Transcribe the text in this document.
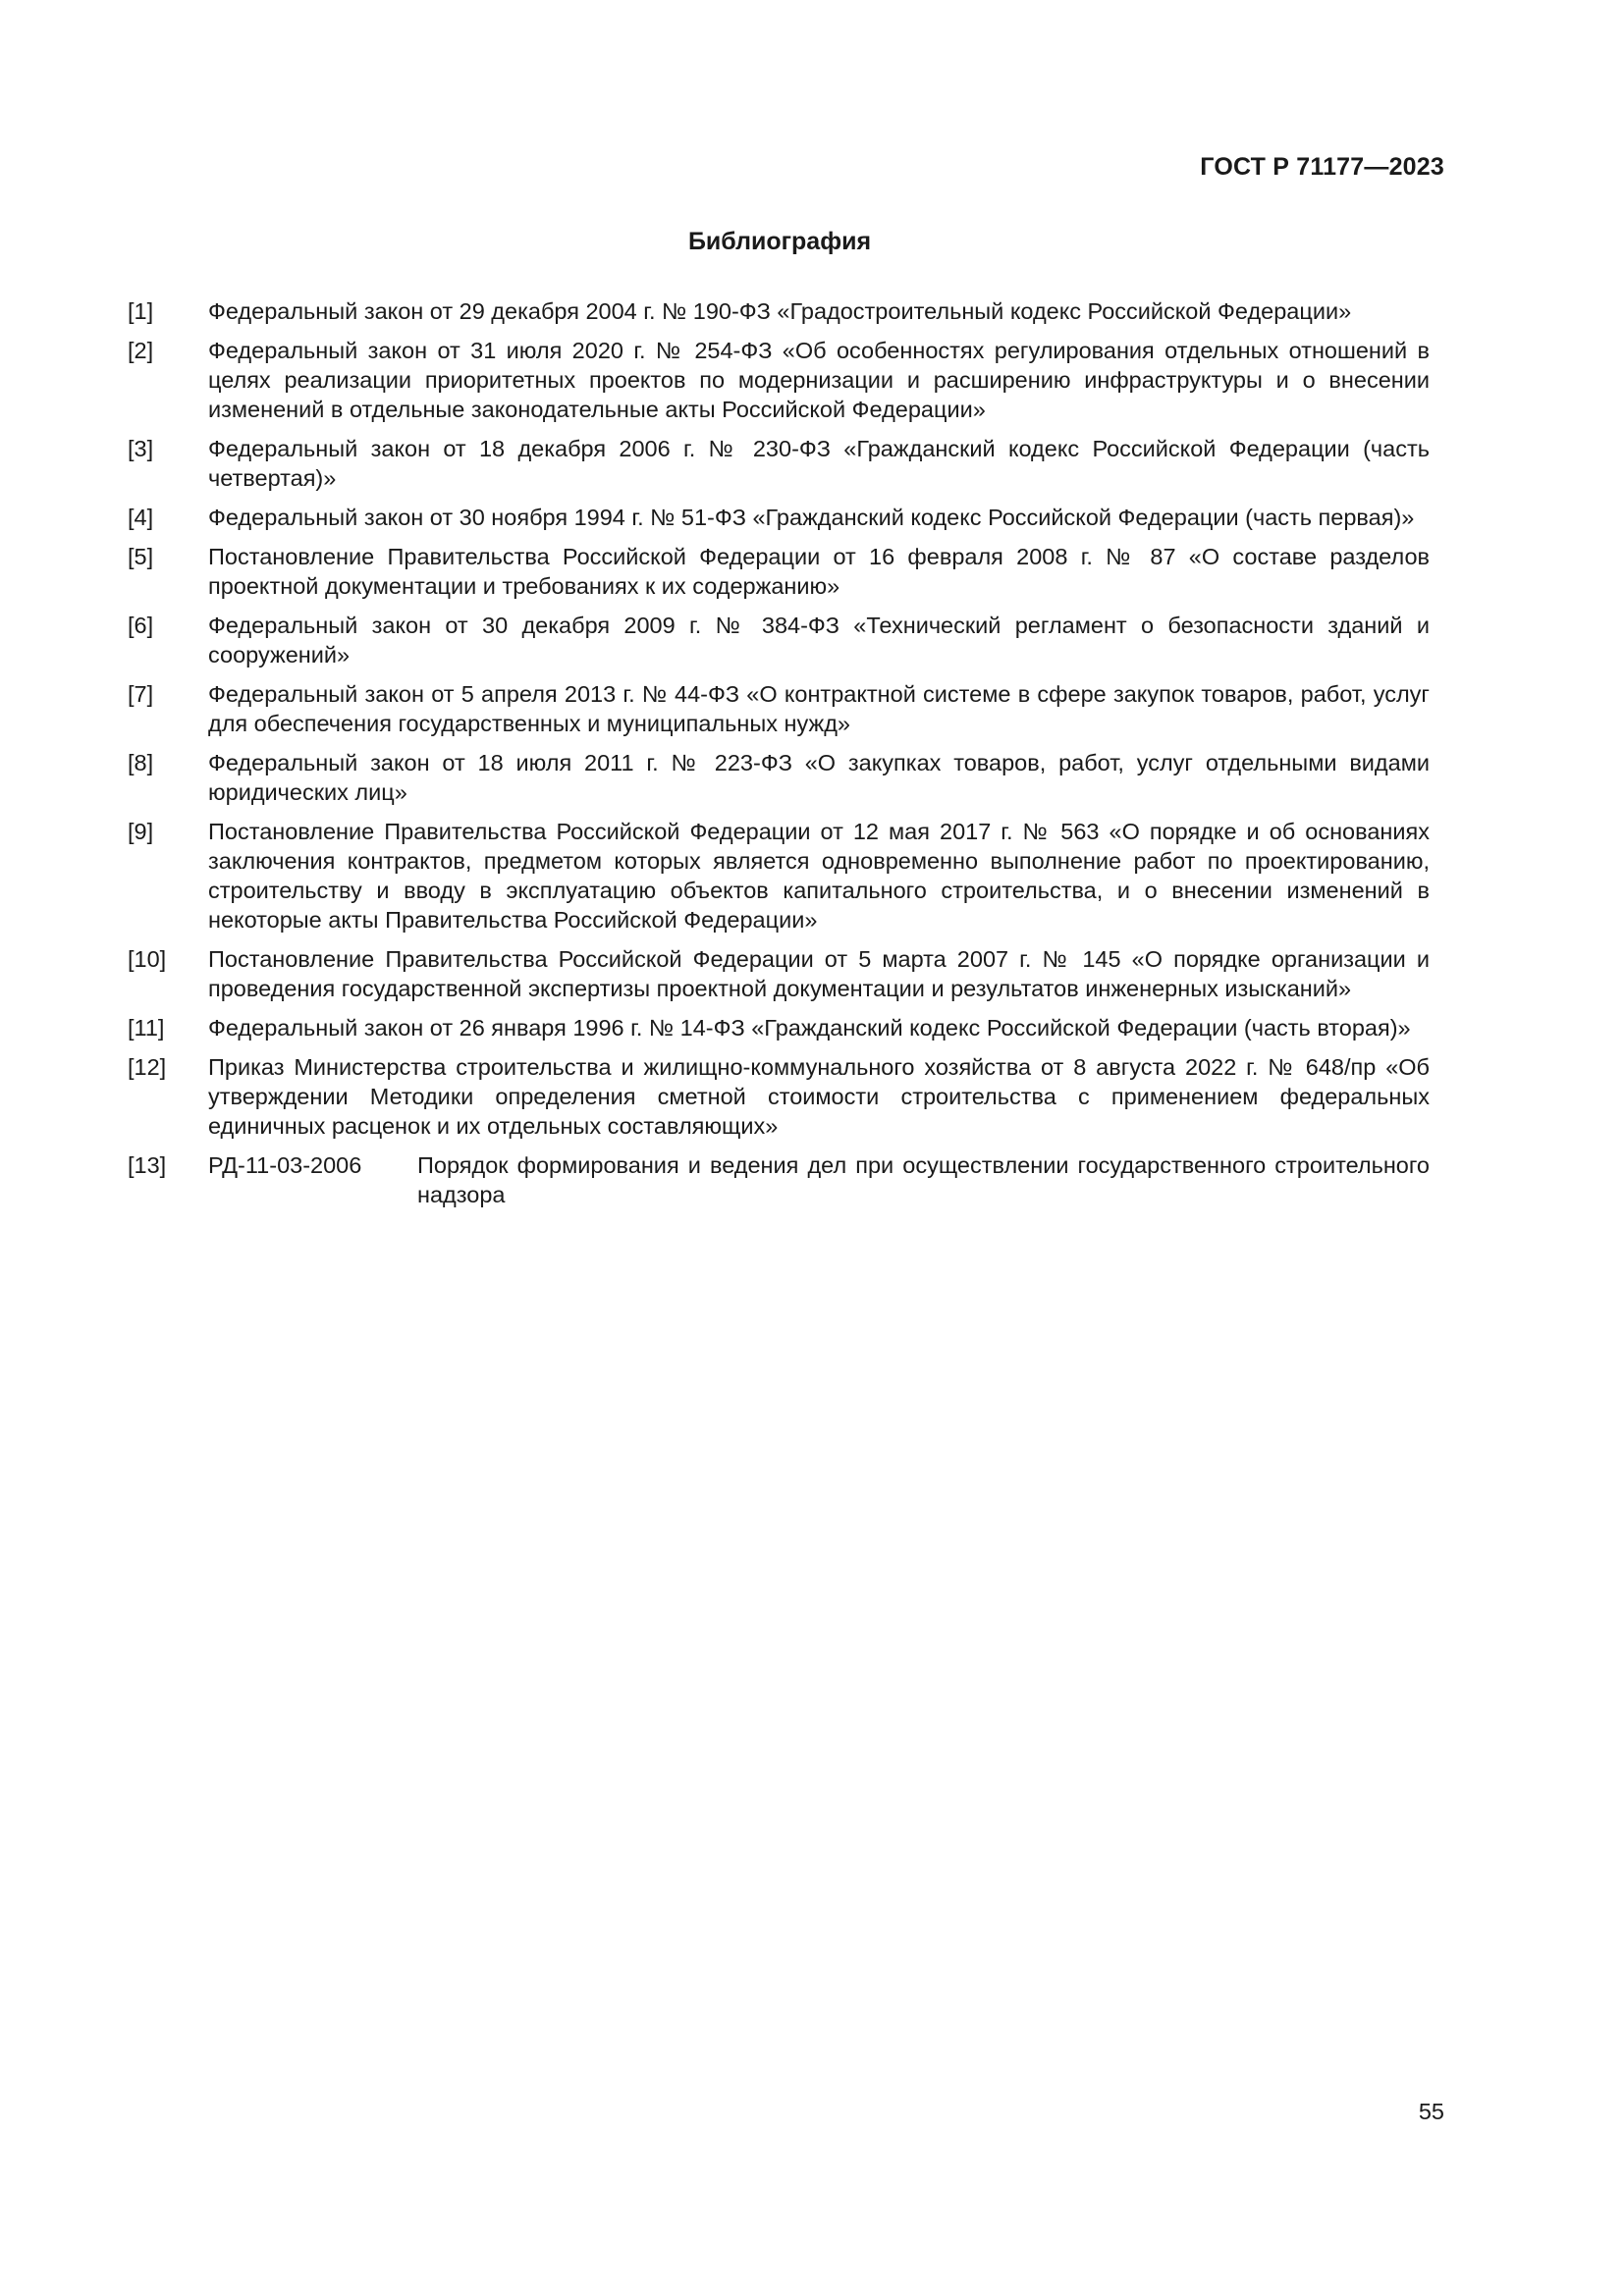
ГОСТ Р 71177—2023
Библиография
[1]	Федеральный закон от 29 декабря 2004 г. № 190-ФЗ «Градостроительный кодекс Российской Федерации»
[2]	Федеральный закон от 31 июля 2020 г. № 254-ФЗ «Об особенностях регулирования отдельных отношений в целях реализации приоритетных проектов по модернизации и расширению инфраструктуры и о внесении изменений в отдельные законодательные акты Российской Федерации»
[3]	Федеральный закон от 18 декабря 2006 г. № 230-ФЗ «Гражданский кодекс Российской Федерации (часть четвертая)»
[4]	Федеральный закон от 30 ноября 1994 г. № 51-ФЗ «Гражданский кодекс Российской Федерации (часть первая)»
[5]	Постановление Правительства Российской Федерации от 16 февраля 2008 г. № 87 «О составе разделов проектной документации и требованиях к их содержанию»
[6]	Федеральный закон от 30 декабря 2009 г. № 384-ФЗ «Технический регламент о безопасности зданий и сооружений»
[7]	Федеральный закон от 5 апреля 2013 г. № 44-ФЗ «О контрактной системе в сфере закупок товаров, работ, услуг для обеспечения государственных и муниципальных нужд»
[8]	Федеральный закон от 18 июля 2011 г. № 223-ФЗ «О закупках товаров, работ, услуг отдельными видами юридических лиц»
[9]	Постановление Правительства Российской Федерации от 12 мая 2017 г. № 563 «О порядке и об основаниях заключения контрактов, предметом которых является одновременно выполнение работ по проектированию, строительству и вводу в эксплуатацию объектов капитального строительства, и о внесении изменений в некоторые акты Правительства Российской Федерации»
[10]	Постановление Правительства Российской Федерации от 5 марта 2007 г. № 145 «О порядке организации и проведения государственной экспертизы проектной документации и результатов инженерных изысканий»
[11]	Федеральный закон от 26 января 1996 г. № 14-ФЗ «Гражданский кодекс Российской Федерации (часть вторая)»
[12]	Приказ Министерства строительства и жилищно-коммунального хозяйства от 8 августа 2022 г. № 648/пр «Об утверждении Методики определения сметной стоимости строительства с применением федеральных единичных расценок и их отдельных составляющих»
[13]	РД-11-03-2006	Порядок формирования и ведения дел при осуществлении государственного строительного надзора
55
